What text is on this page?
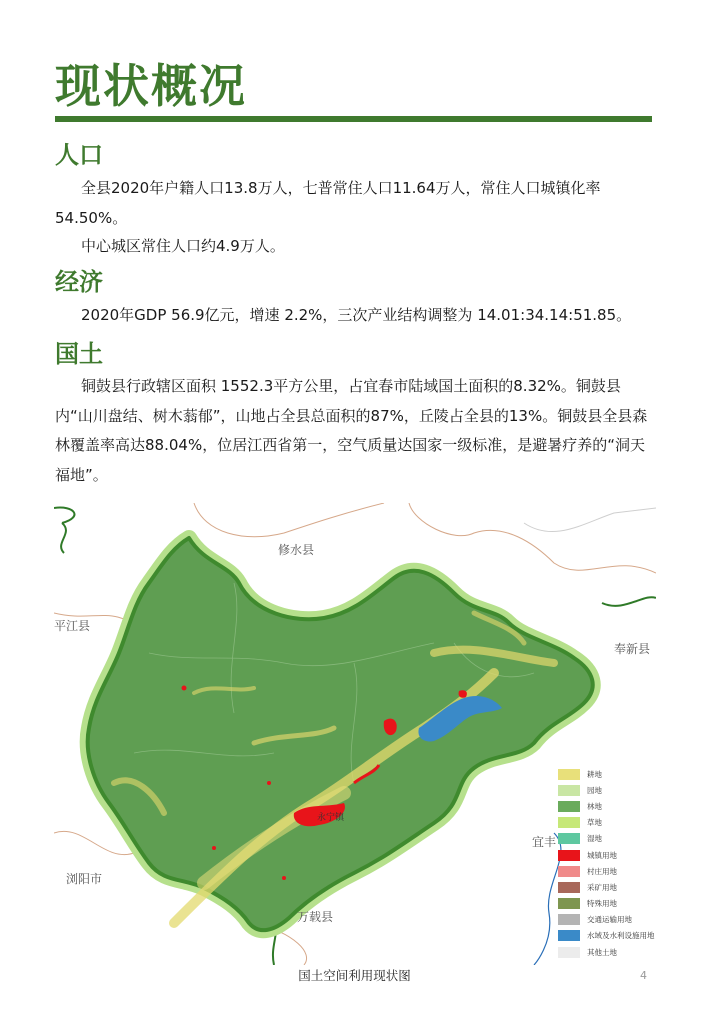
现状概况
人口

全县2020年户籍人口13.8万人，七普常住人口11.64万人，常住人口城镇化率54.50%。

中心城区常住人口约4.9万人。

经济

2020年GDP 56.9亿元，增速 2.2%，三次产业结构调整为 14.01:34.14:51.85。

国土

铜鼓县行政辖区面积 1552.3平方公里，占宜春市陆域国土面积的8.32%。铜鼓县内“山川盘结、树木蓊郁”，山地占全县总面积的87%，丘陵占全县的13%。铜鼓县全县森林覆盖率高达88.04%，位居江西省第一，空气质量达国家一级标准，是避暑疗养的“洞天福地”。

修水县
平江县
奉新县
浏阳市
万载县
宜丰
永宁镇
耕地
园地
林地
草地
湿地
城镇用地
村庄用地
采矿用地
特殊用地
交通运输用地
水域及水利设施用地
其他土地
国土空间利用现状图	4
